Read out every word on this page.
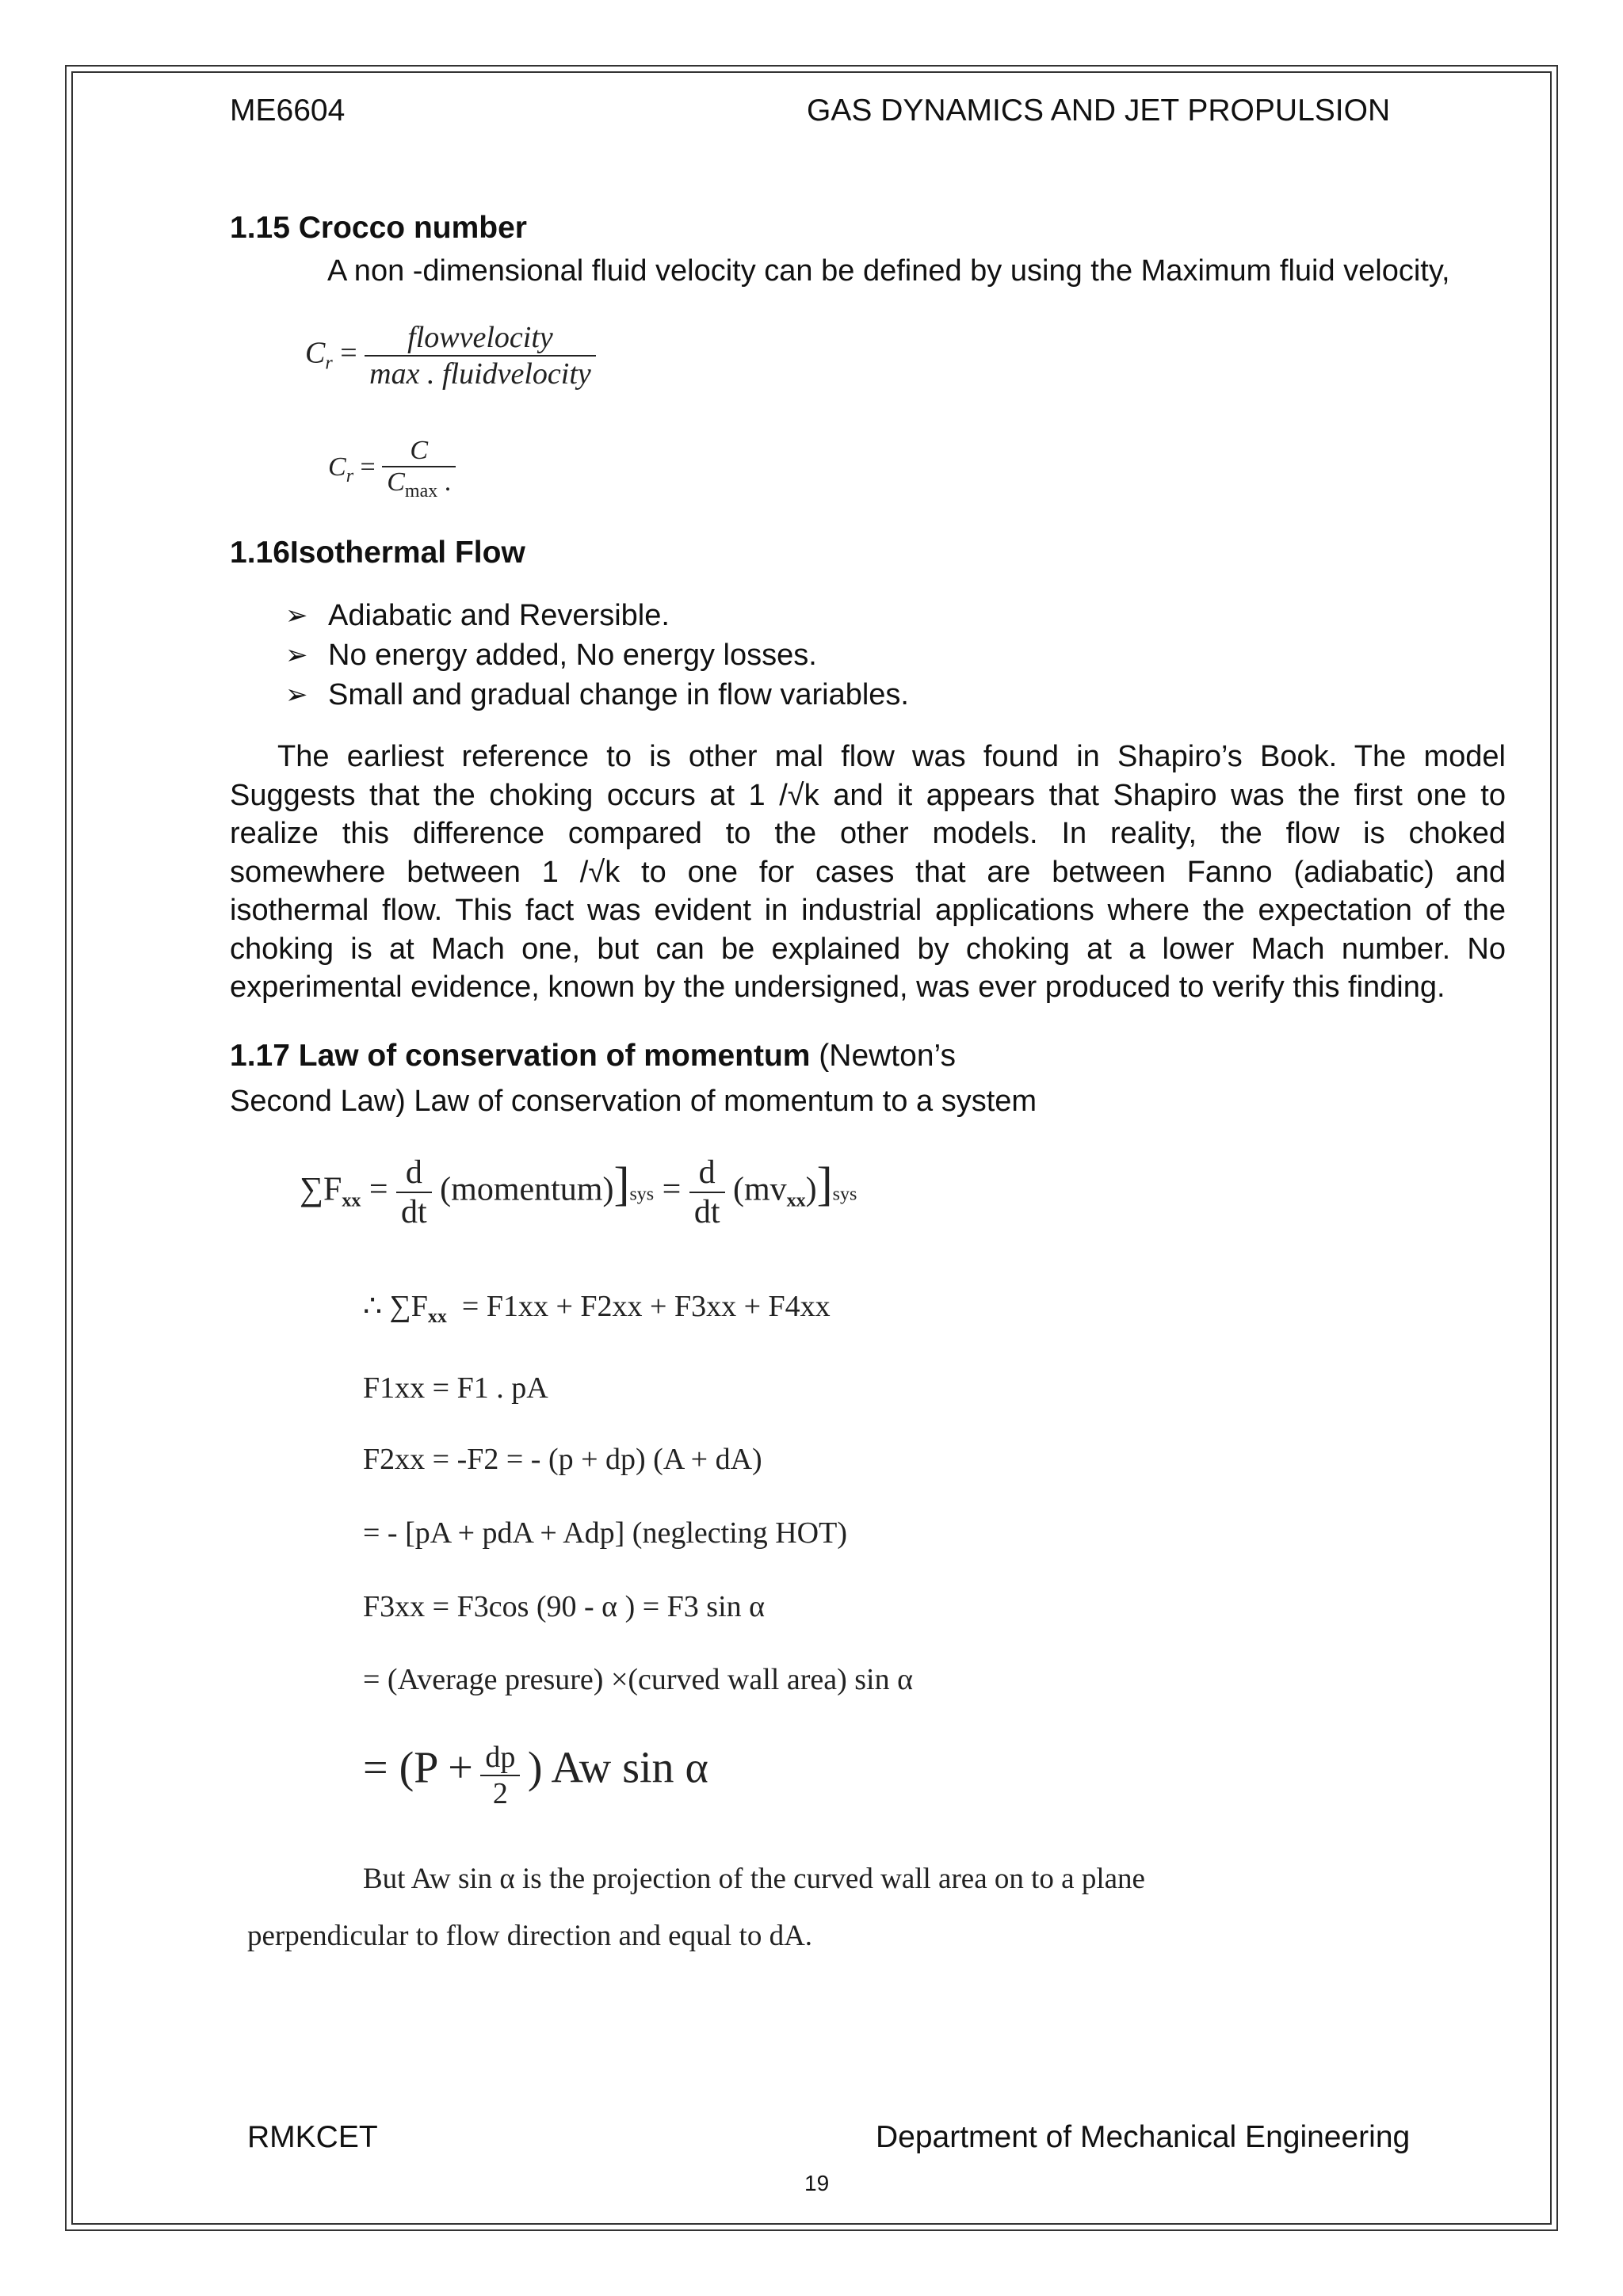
ME6604	GAS DYNAMICS AND JET PROPULSION
1.15 Crocco number
A non -dimensional fluid velocity can be defined by using the Maximum fluid velocity,
$C_r = \frac{\text{flowvelocity}}{\text{max . fluidvelocity}}$
$C_r = \frac{C}{C_{max} .}$
1.16Isothermal Flow
➢ Adiabatic and Reversible.
➢ No energy added, No energy losses.
➢ Small and gradual change in flow variables.
The earliest reference to is other mal flow was found in Shapiro’s Book. The model
Suggests that the choking occurs at 1 /√k and it appears that Shapiro was the first one to
realize this difference compared to the other models. In reality, the flow is choked
somewhere between 1 /√k to one for cases that are between Fanno (adiabatic) and
isothermal flow. This fact was evident in industrial applications where the expectation of the
choking is at Mach one, but can be explained by choking at a lower Mach number. No
experimental evidence, known by the undersigned, was ever produced to verify this finding.
1.17 Law of conservation of momentum (Newton’s
Second Law) Law of conservation of momentum to a system
$\sum F_{xx} = \frac{d}{dt}$ (momentum)]sys = $\frac{d}{dt} (mv_{xx})]sys$
∴ $\sum F_{xx} = F1xx + F2xx + F3xx + F4xx$
F1xx = F1 . pA
F2xx = -F2 = - (p + dp) (A + dA)
= - [pA + pdA + Adp] (neglecting HOT)
F3xx = F3cos (90 - α ) = F3 sin α
= (Average presure) ×(curved wall area) sin α
= ($P + \frac{dp}{2}$ ) Aw sin α
But Aw sin α is the projection of the curved wall area on to a plane
perpendicular to flow direction and equal to dA.
RMKCET	Department of Mechanical Engineering
19
